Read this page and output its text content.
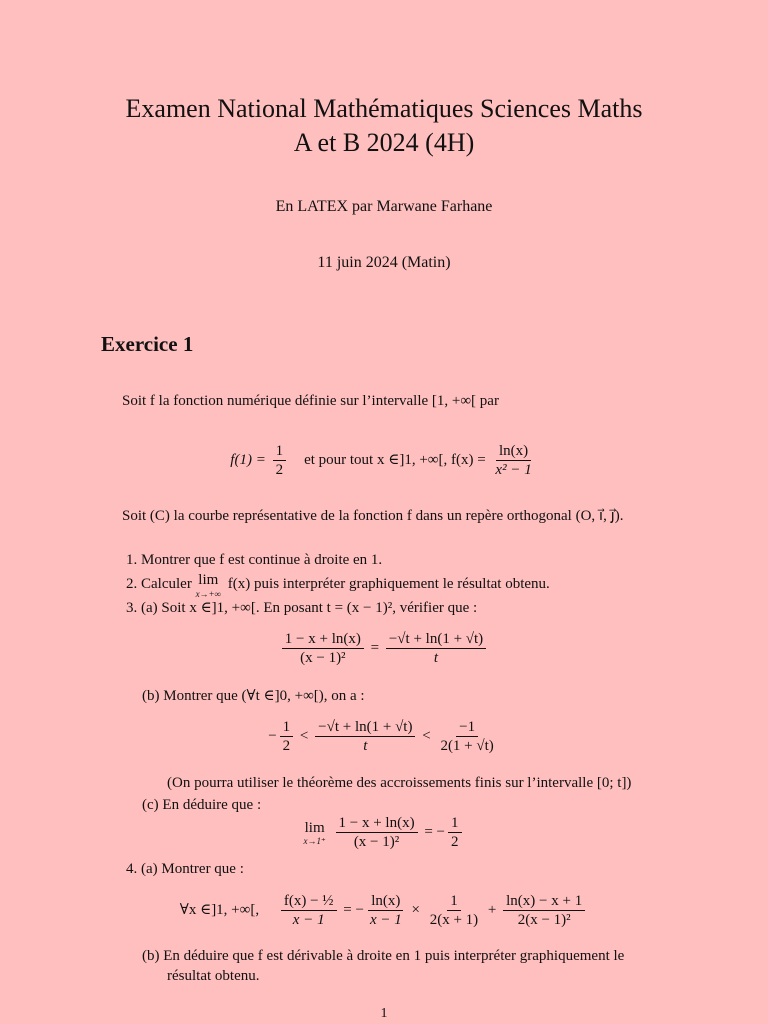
Examen National Mathématiques Sciences Maths
A et B 2024 (4H)
En LATEX par Marwane Farhane
11 juin 2024 (Matin)
Exercice 1
Soit f la fonction numérique définie sur l’intervalle [1, +∞[ par
$f(1) = \frac{1}{2}$ et pour tout x ∈]1, +∞[, $f(x) = \frac{\ln(x)}{\text{x² − 1}}$
Soit (C) la courbe représentative de la fonction f dans un repère orthogonal (O, i⃗, j⃗).
1. Montrer que f est continue à droite en 1.
2. Calculer lim
x→+∞
f(x) puis interpréter graphiquement le résultat obtenu.
3. (a) Soit x ∈]1, +∞[. En posant t = (x − 1)², vérifier que :
$\frac{1 - x + \ln(x)}{\text{(x − 1)²}} = \frac{-√t + \ln(1 + √t)}{t}$
(b) Montrer que (∀t ∈]0, +∞[), on a :
− $\frac{1}{2} < \frac{-√t + \ln(1 + √t)}{t} < \frac{-1}{2(1 + √t)}$
(On pourra utiliser le théorème des accroissements finis sur l’intervalle [0; t])
(c) En déduire que :
lim
x→1⁺
$\frac{1 - x + \ln(x)}{\text{(x − 1)²}}$ = − $\frac{1}{2}$
4. (a) Montrer que :
∀x ∈]1, +∞[, $\frac{\text{f(x) − ½}}{x - 1}$ = − $\frac{\ln(x)}{x - 1} \times \frac{1}{2(x + 1)} + \frac{\ln(x) - x + 1}{\text{2(x − 1)²}}$
(b) En déduire que f est dérivable à droite en 1 puis interpréter graphiquement le
résultat obtenu.
1
